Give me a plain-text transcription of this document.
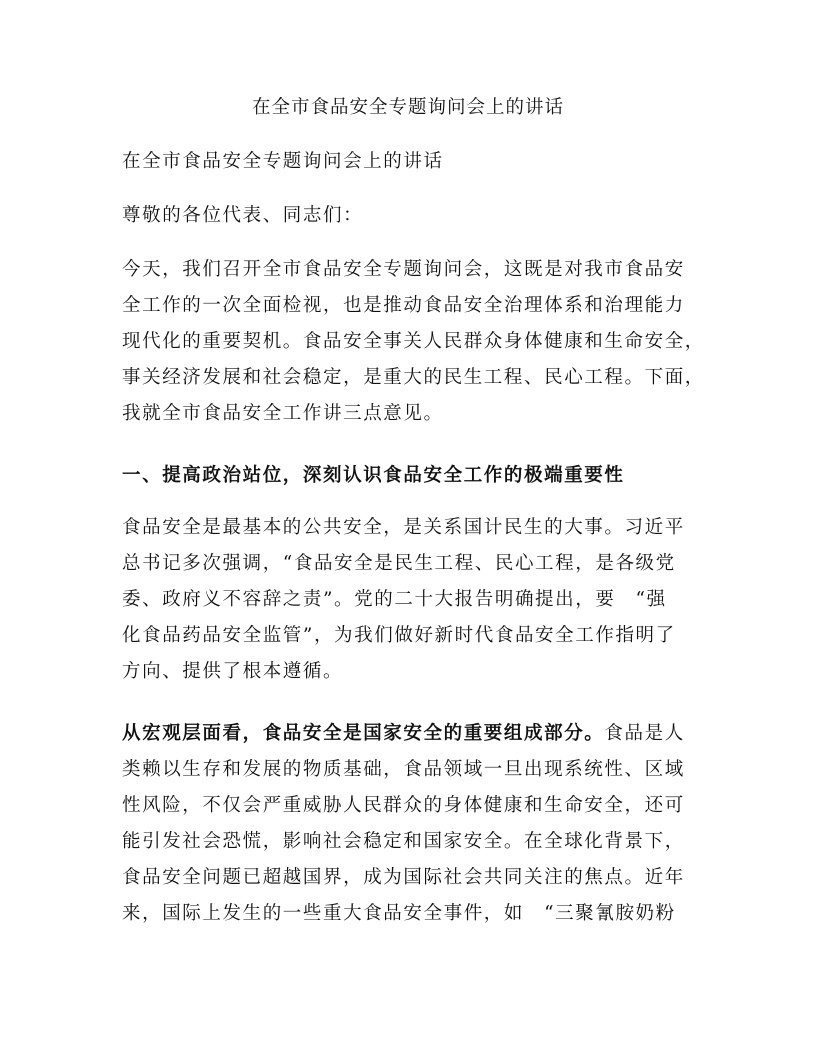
在全市食品安全专题询问会上的讲话
在全市食品安全专题询问会上的讲话
尊敬的各位代表、同志们：
今天，我们召开全市食品安全专题询问会，这既是对我市食品安
全工作的一次全面检视，也是推动食品安全治理体系和治理能力
现代化的重要契机。食品安全事关人民群众身体健康和生命安全，
事关经济发展和社会稳定，是重大的民生工程、民心工程。下面，
我就全市食品安全工作讲三点意见。
一、提高政治站位，深刻认识食品安全工作的极端重要性
食品安全是最基本的公共安全，是关系国计民生的大事。习近平
总书记多次强调，“食品安全是民生工程、民心工程，是各级党
委、政府义不容辞之责”。党的二十大报告明确提出，要　“强
化食品药品安全监管”，为我们做好新时代食品安全工作指明了
方向、提供了根本遵循。
从宏观层面看，食品安全是国家安全的重要组成部分。食品是人
类赖以生存和发展的物质基础，食品领域一旦出现系统性、区域
性风险，不仅会严重威胁人民群众的身体健康和生命安全，还可
能引发社会恐慌，影响社会稳定和国家安全。在全球化背景下，
食品安全问题已超越国界，成为国际社会共同关注的焦点。近年
来，国际上发生的一些重大食品安全事件，如　“三聚氰胺奶粉
